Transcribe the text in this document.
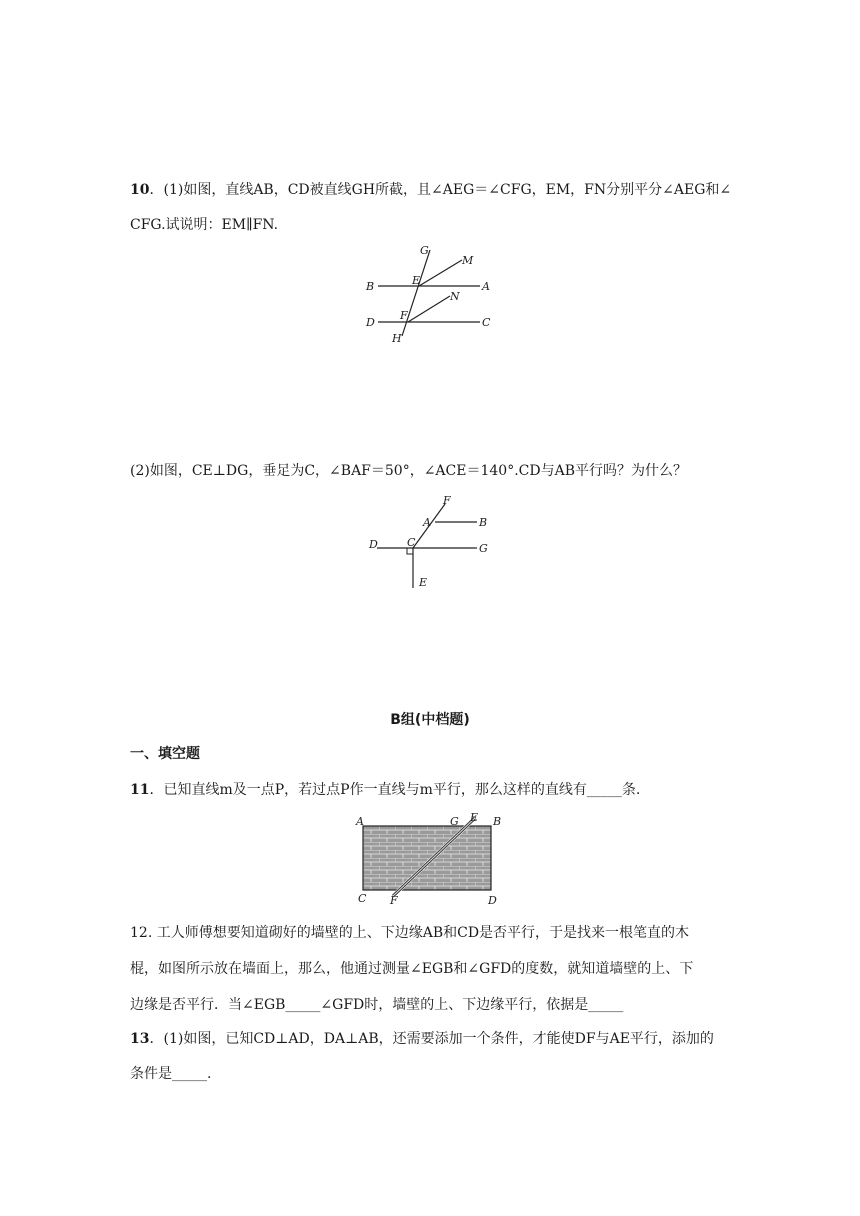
10．(1)如图，直线AB，CD被直线GH所截，且∠AEG＝∠CFG，EM，FN分别平分∠AEG和∠
CFG.试说明：EM∥FN.
G
M
B	E	A
N
D
F
C
H
(2)如图，CE⊥DG，垂足为C，∠BAF＝50°，∠ACE＝140°.CD与AB平行吗？为什么？
F
A	B
D	C	G
E
B组(中档题)
一、填空题
11．已知直线m及一点P，若过点P作一直线与m平行，那么这样的直线有_____条.
A	G E B
C F	D
12. 工人师傅想要知道砌好的墙壁的上、下边缘AB和CD是否平行，于是找来一根笔直的木
棍，如图所示放在墙面上，那么，他通过测量∠EGB和∠GFD的度数，就知道墙壁的上、下
边缘是否平行．当∠EGB_____∠GFD时，墙壁的上、下边缘平行，依据是_____
13．(1)如图，已知CD⊥AD，DA⊥AB，还需要添加一个条件，才能使DF与AE平行，添加的
条件是_____.
